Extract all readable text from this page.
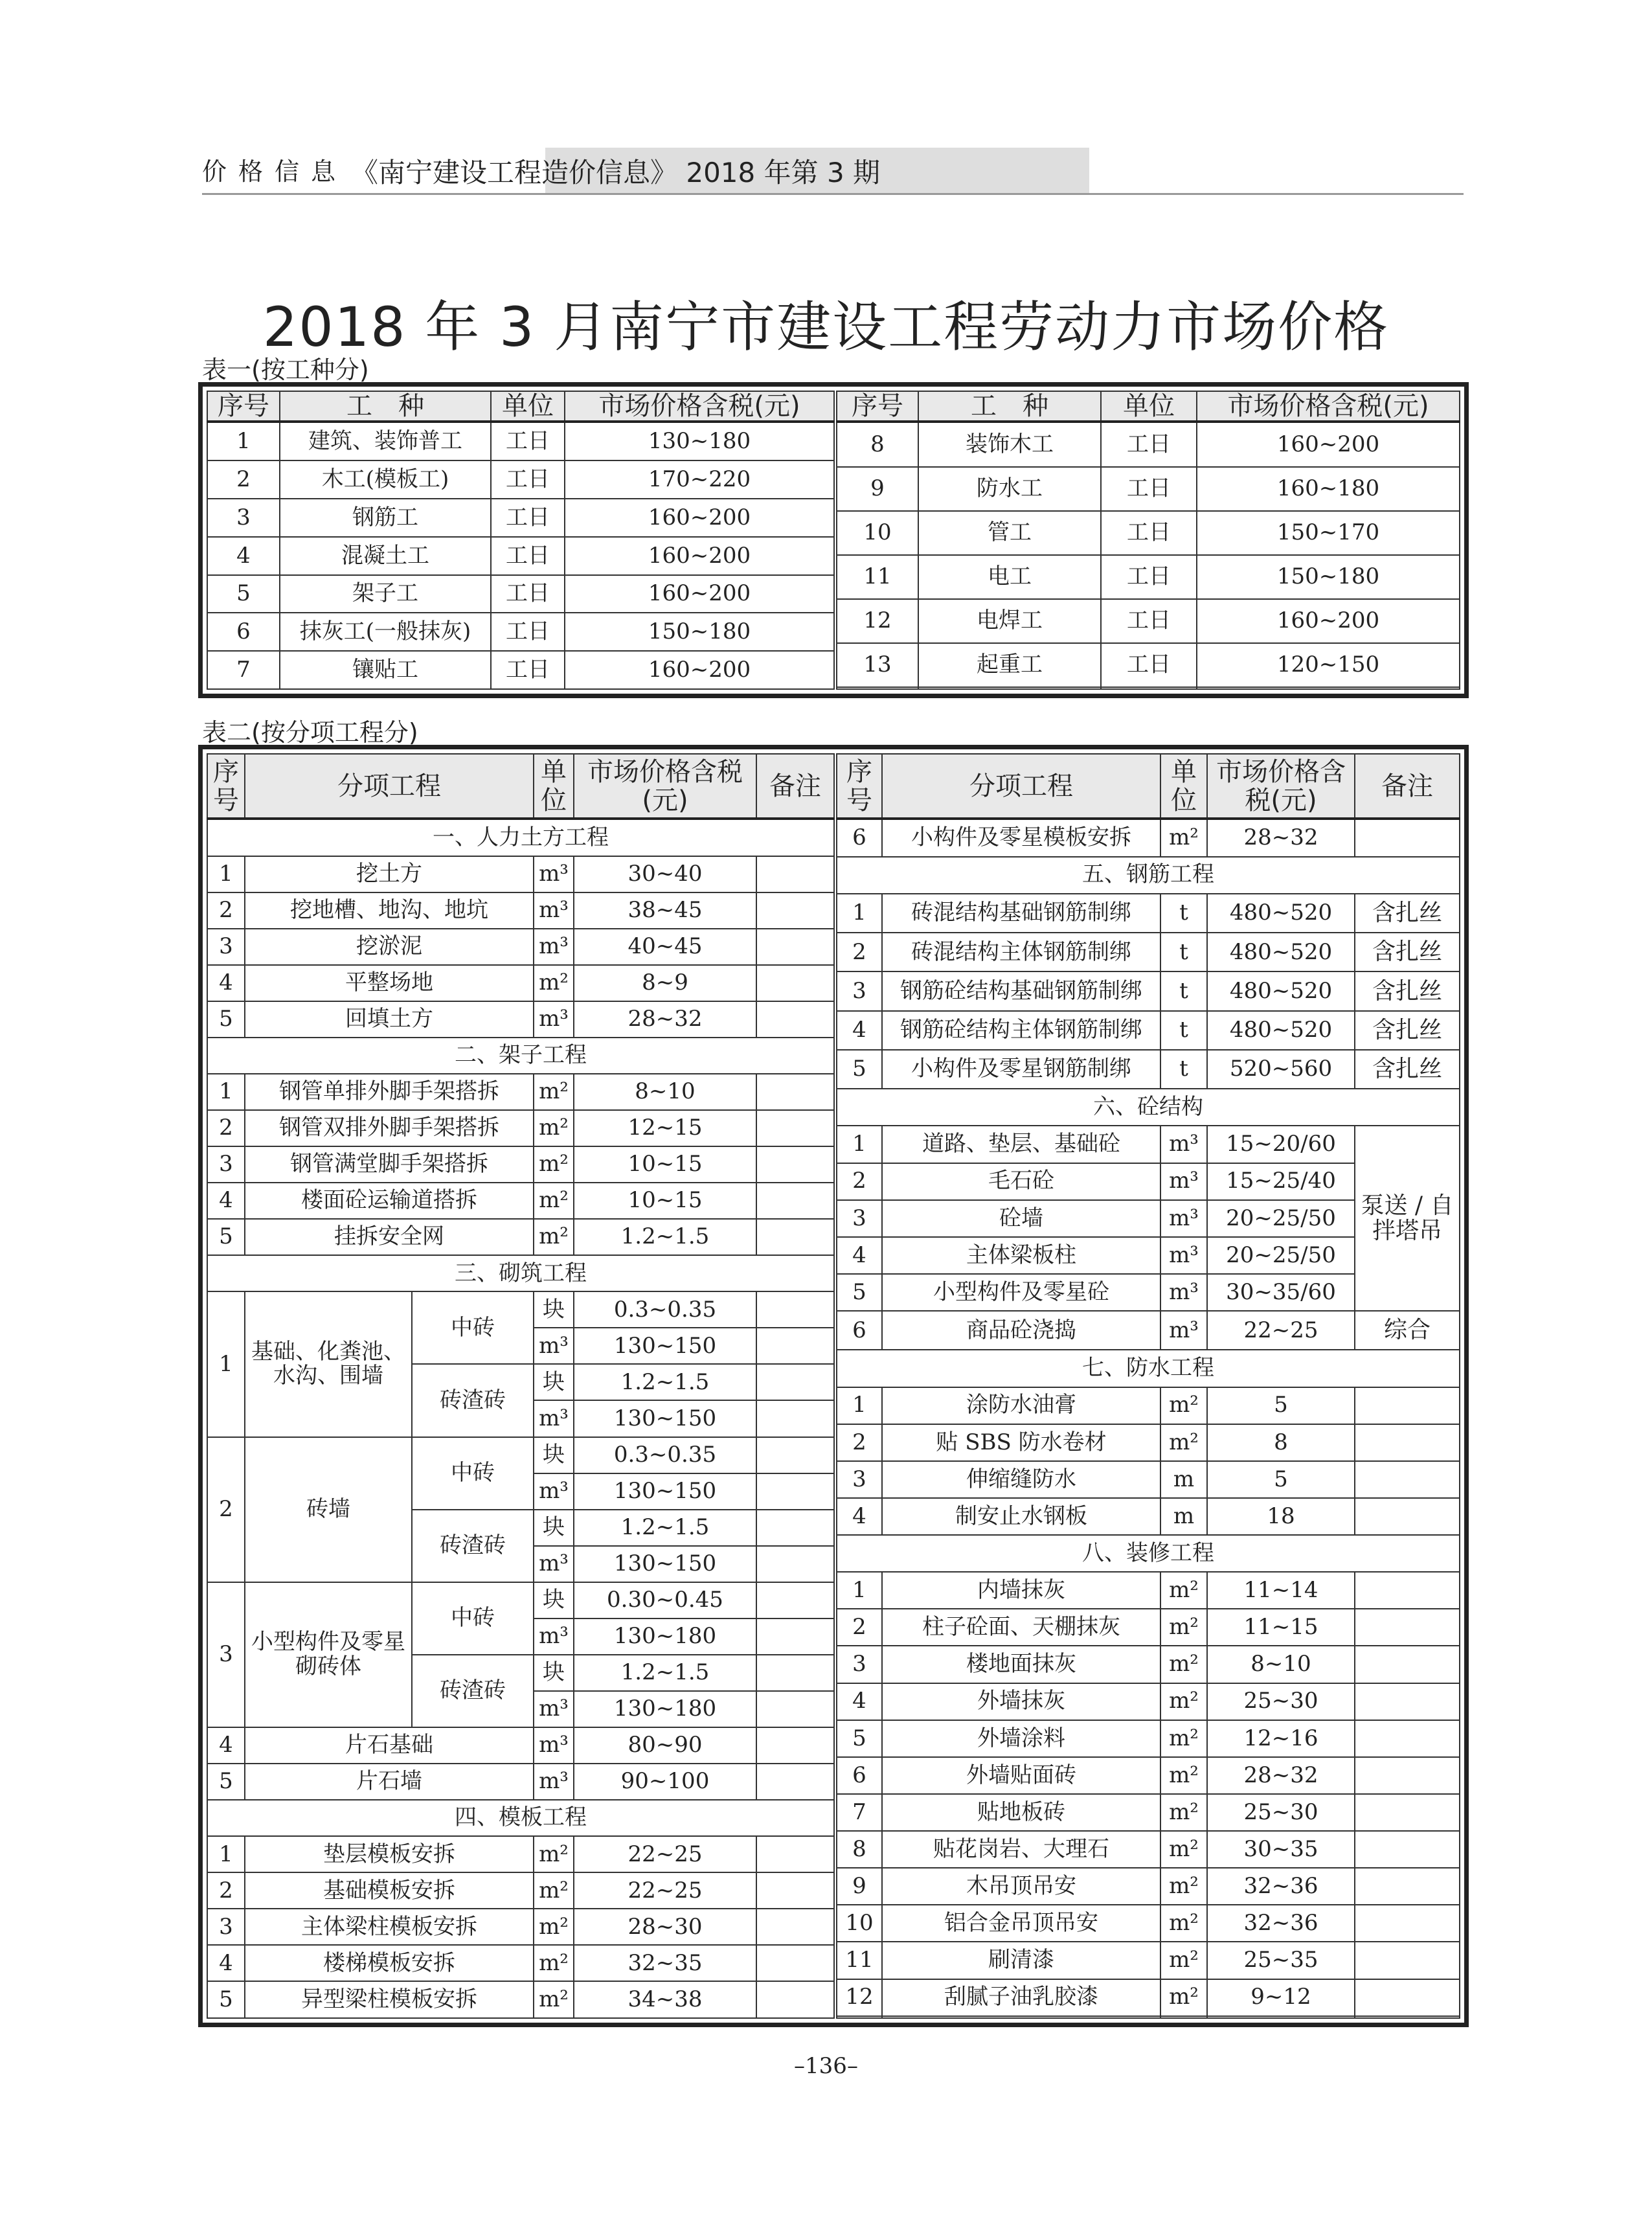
价格信息 《南宁建设工程造价信息》 2018 年第 3 期
2018 年 3 月南宁市建设工程劳动力市场价格
表一(按工种分)
序号	工　种	单位	市场价格含税(元)
1	建筑、装饰普工	工日	130~180
2	木工(模板工)	工日	170~220
3	钢筋工	工日	160~200
4	混凝土工	工日	160~200
5	架子工	工日	160~200
6	抹灰工(一般抹灰)	工日	150~180
7	镶贴工	工日	160~200
序号	工　种	单位	市场价格含税(元)
8	装饰木工	工日	160~200
9	防水工	工日	160~180
10	管工	工日	150~170
11	电工	工日	150~180
12	电焊工	工日	160~200
13	起重工	工日	120~150

表二(按分项工程分)
序号	分项工程		单位	市场价格含税(元)	备注
一、人力土方工程					
1	挖土方		m³	30~40	
2	挖地槽、地沟、地坑		m³	38~45	
3	挖淤泥		m³	40~45	
4	平整场地		m²	8~9	
5	回填土方		m³	28~32	
二、架子工程					
1	钢管单排外脚手架搭拆		m²	8~10	
2	钢管双排外脚手架搭拆		m²	12~15	
3	钢管满堂脚手架搭拆		m²	10~15	
4	楼面砼运输道搭拆		m²	10~15	
5	挂拆安全网		m²	1.2~1.5	
三、砌筑工程					
1	基础、化粪池、水沟、围墙	中砖	块	0.3~0.35	
			m³	130~150	
		砖渣砖	块	1.2~1.5	
			m³	130~150	
2	砖墙	中砖	块	0.3~0.35	
			m³	130~150	
		砖渣砖	块	1.2~1.5	
			m³	130~150	
3	小型构件及零星砌砖体	中砖	块	0.30~0.45	
			m³	130~180	
		砖渣砖	块	1.2~1.5	
			m³	130~180	
4	片石基础		m³	80~90	
5	片石墙		m³	90~100	
四、模板工程					
1	垫层模板安拆		m²	22~25	
2	基础模板安拆		m²	22~25	
3	主体梁柱模板安拆		m²	28~30	
4	楼梯模板安拆		m²	32~35	
5	异型梁柱模板安拆		m²	34~38	
序号	分项工程	单位	市场价格含税(元)	备注
6	小构件及零星模板安拆	m²	28~32	
五、钢筋工程				
1	砖混结构基础钢筋制绑	t	480~520	含扎丝
2	砖混结构主体钢筋制绑	t	480~520	含扎丝
3	钢筋砼结构基础钢筋制绑	t	480~520	含扎丝
4	钢筋砼结构主体钢筋制绑	t	480~520	含扎丝
5	小构件及零星钢筋制绑	t	520~560	含扎丝
六、砼结构				
1	道路、垫层、基础砼	m³	15~20/60	泵送 / 自拌塔吊
2	毛石砼	m³	15~25/40	
3	砼墙	m³	20~25/50	
4	主体梁板柱	m³	20~25/50	
5	小型构件及零星砼	m³	30~35/60	
6	商品砼浇捣	m³	22~25	综合
七、防水工程				
1	涂防水油膏	m²	5	
2	贴 SBS 防水卷材	m²	8	
3	伸缩缝防水	m	5	
4	制安止水钢板	m	18	
八、装修工程				
1	内墙抹灰	m²	11~14	
2	柱子砼面、天棚抹灰	m²	11~15	
3	楼地面抹灰	m²	8~10	
4	外墙抹灰	m²	25~30	
5	外墙涂料	m²	12~16	
6	外墙贴面砖	m²	28~32	
7	贴地板砖	m²	25~30	
8	贴花岗岩、大理石	m²	30~35	
9	木吊顶吊安	m²	32~36	
10	铝合金吊顶吊安	m²	32~36	
11	刷清漆	m²	25~35	
12	刮腻子油乳胶漆	m²	9~12	

–136–
